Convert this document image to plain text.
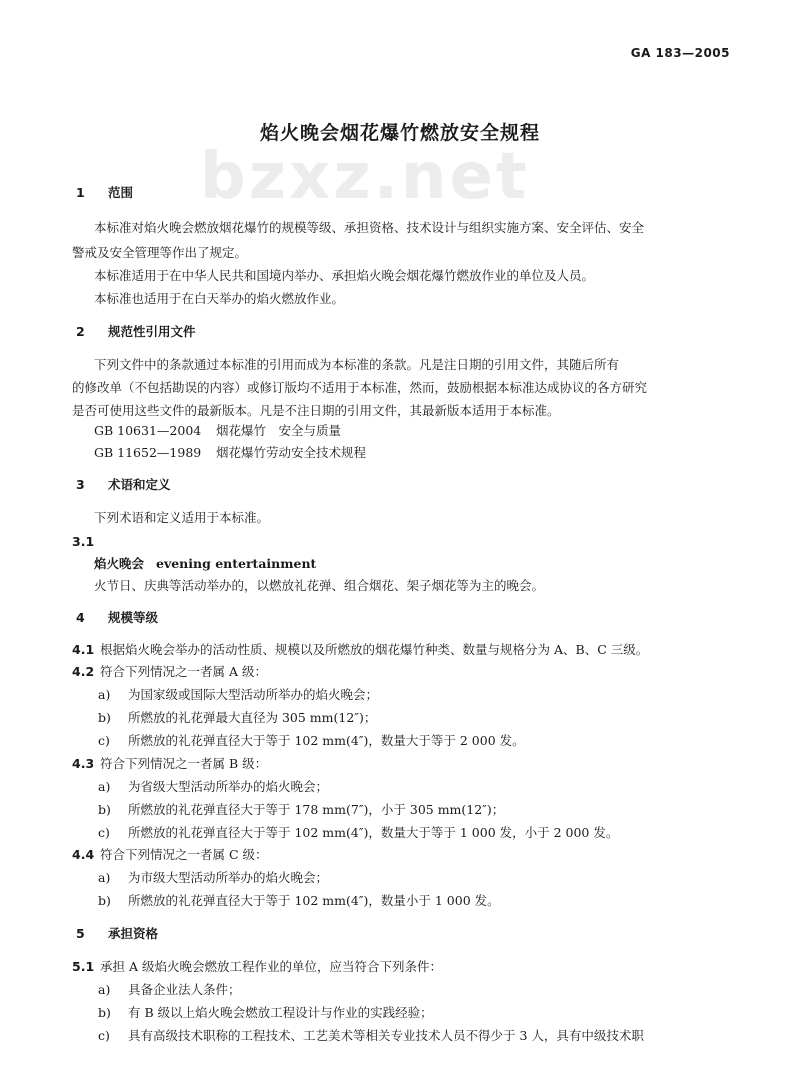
bzxz.net
GA 183—2005
焰火晚会烟花爆竹燃放安全规程
1 范围
本标准对焰火晚会燃放烟花爆竹的规模等级、承担资格、技术设计与组织实施方案、安全评估、安全
警戒及安全管理等作出了规定。
本标准适用于在中华人民共和国境内举办、承担焰火晚会烟花爆竹燃放作业的单位及人员。
本标准也适用于在白天举办的焰火燃放作业。
2 规范性引用文件
下列文件中的条款通过本标准的引用而成为本标准的条款。凡是注日期的引用文件，其随后所有
的修改单（不包括勘误的内容）或修订版均不适用于本标准，然而，鼓励根据本标准达成协议的各方研究
是否可使用这些文件的最新版本。凡是不注日期的引用文件，其最新版本适用于本标准。
GB 10631—2004 烟花爆竹　安全与质量
GB 11652—1989 烟花爆竹劳动安全技术规程
3 术语和定义
下列术语和定义适用于本标准。
3.1
焰火晚会 evening entertainment
火节日、庆典等活动举办的，以燃放礼花弹、组合烟花、架子烟花等为主的晚会。
4 规模等级
4.1 根据焰火晚会举办的活动性质、规模以及所燃放的烟花爆竹种类、数量与规格分为 A、B、C 三级。
4.2 符合下列情况之一者属 A 级：
a) 为国家级或国际大型活动所举办的焰火晚会；
b) 所燃放的礼花弹最大直径为 305 mm(12″)；
c) 所燃放的礼花弹直径大于等于 102 mm(4″)，数量大于等于 2 000 发。
4.3 符合下列情况之一者属 B 级：
a) 为省级大型活动所举办的焰火晚会；
b) 所燃放的礼花弹直径大于等于 178 mm(7″)，小于 305 mm(12″)；
c) 所燃放的礼花弹直径大于等于 102 mm(4″)，数量大于等于 1 000 发，小于 2 000 发。
4.4 符合下列情况之一者属 C 级：
a) 为市级大型活动所举办的焰火晚会；
b) 所燃放的礼花弹直径大于等于 102 mm(4″)，数量小于 1 000 发。
5 承担资格
5.1 承担 A 级焰火晚会燃放工程作业的单位，应当符合下列条件：
a) 具备企业法人条件；
b) 有 B 级以上焰火晚会燃放工程设计与作业的实践经验；
c) 具有高级技术职称的工程技术、工艺美术等相关专业技术人员不得少于 3 人，具有中级技术职
